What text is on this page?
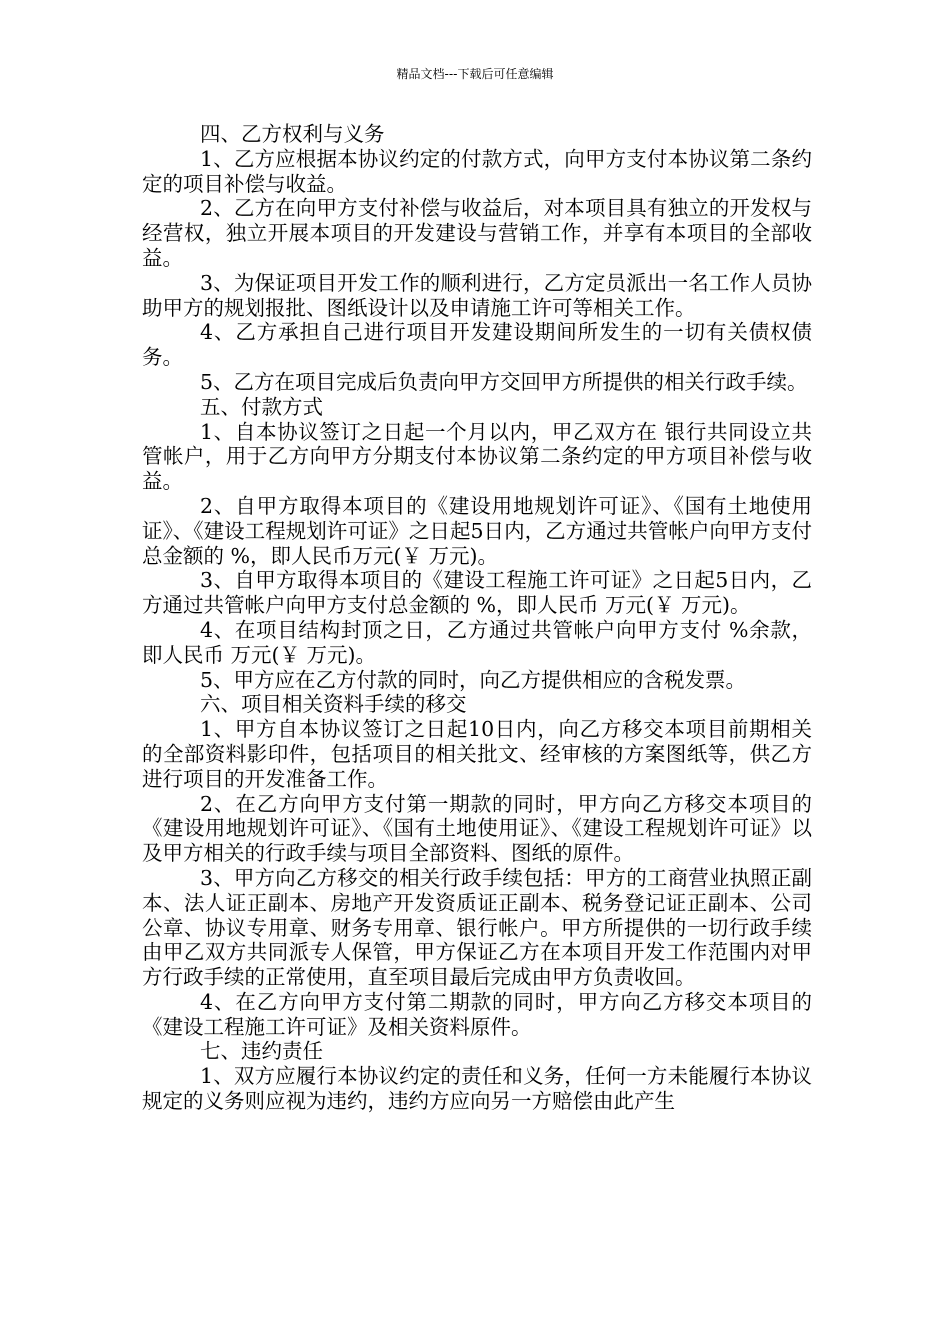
精品文档---下载后可任意编辑

四、乙方权利与义务

1、乙方应根据本协议约定的付款方式，向甲方支付本协议第二条约定的项目补偿与收益。

2、乙方在向甲方支付补偿与收益后，对本项目具有独立的开发权与经营权，独立开展本项目的开发建设与营销工作，并享有本项目的全部收益。

3、为保证项目开发工作的顺利进行，乙方定员派出一名工作人员协助甲方的规划报批、图纸设计以及申请施工许可等相关工作。

4、乙方承担自己进行项目开发建设期间所发生的一切有关债权债务。

5、乙方在项目完成后负责向甲方交回甲方所提供的相关行政手续。

五、付款方式

1、自本协议签订之日起一个月以内，甲乙双方在 银行共同设立共管帐户，用于乙方向甲方分期支付本协议第二条约定的甲方项目补偿与收益。

2、自甲方取得本项目的《建设用地规划许可证》、《国有土地使用证》、《建设工程规划许可证》之日起5日内，乙方通过共管帐户向甲方支付总金额的 %，即人民币万元(￥ 万元)。

3、自甲方取得本项目的《建设工程施工许可证》之日起5日内，乙方通过共管帐户向甲方支付总金额的 %，即人民币 万元(￥ 万元)。

4、在项目结构封顶之日，乙方通过共管帐户向甲方支付 %余款，即人民币 万元(￥ 万元)。

5、甲方应在乙方付款的同时，向乙方提供相应的含税发票。

六、项目相关资料手续的移交

1、甲方自本协议签订之日起10日内，向乙方移交本项目前期相关的全部资料影印件，包括项目的相关批文、经审核的方案图纸等，供乙方进行项目的开发准备工作。

2、在乙方向甲方支付第一期款的同时，甲方向乙方移交本项目的《建设用地规划许可证》、《国有土地使用证》、《建设工程规划许可证》以及甲方相关的行政手续与项目全部资料、图纸的原件。

3、甲方向乙方移交的相关行政手续包括：甲方的工商营业执照正副本、法人证正副本、房地产开发资质证正副本、税务登记证正副本、公司公章、协议专用章、财务专用章、银行帐户。甲方所提供的一切行政手续由甲乙双方共同派专人保管，甲方保证乙方在本项目开发工作范围内对甲方行政手续的正常使用，直至项目最后完成由甲方负责收回。

4、在乙方向甲方支付第二期款的同时，甲方向乙方移交本项目的《建设工程施工许可证》及相关资料原件。

七、违约责任

1、双方应履行本协议约定的责任和义务，任何一方未能履行本协议规定的义务则应视为违约，违约方应向另一方赔偿由此产生
